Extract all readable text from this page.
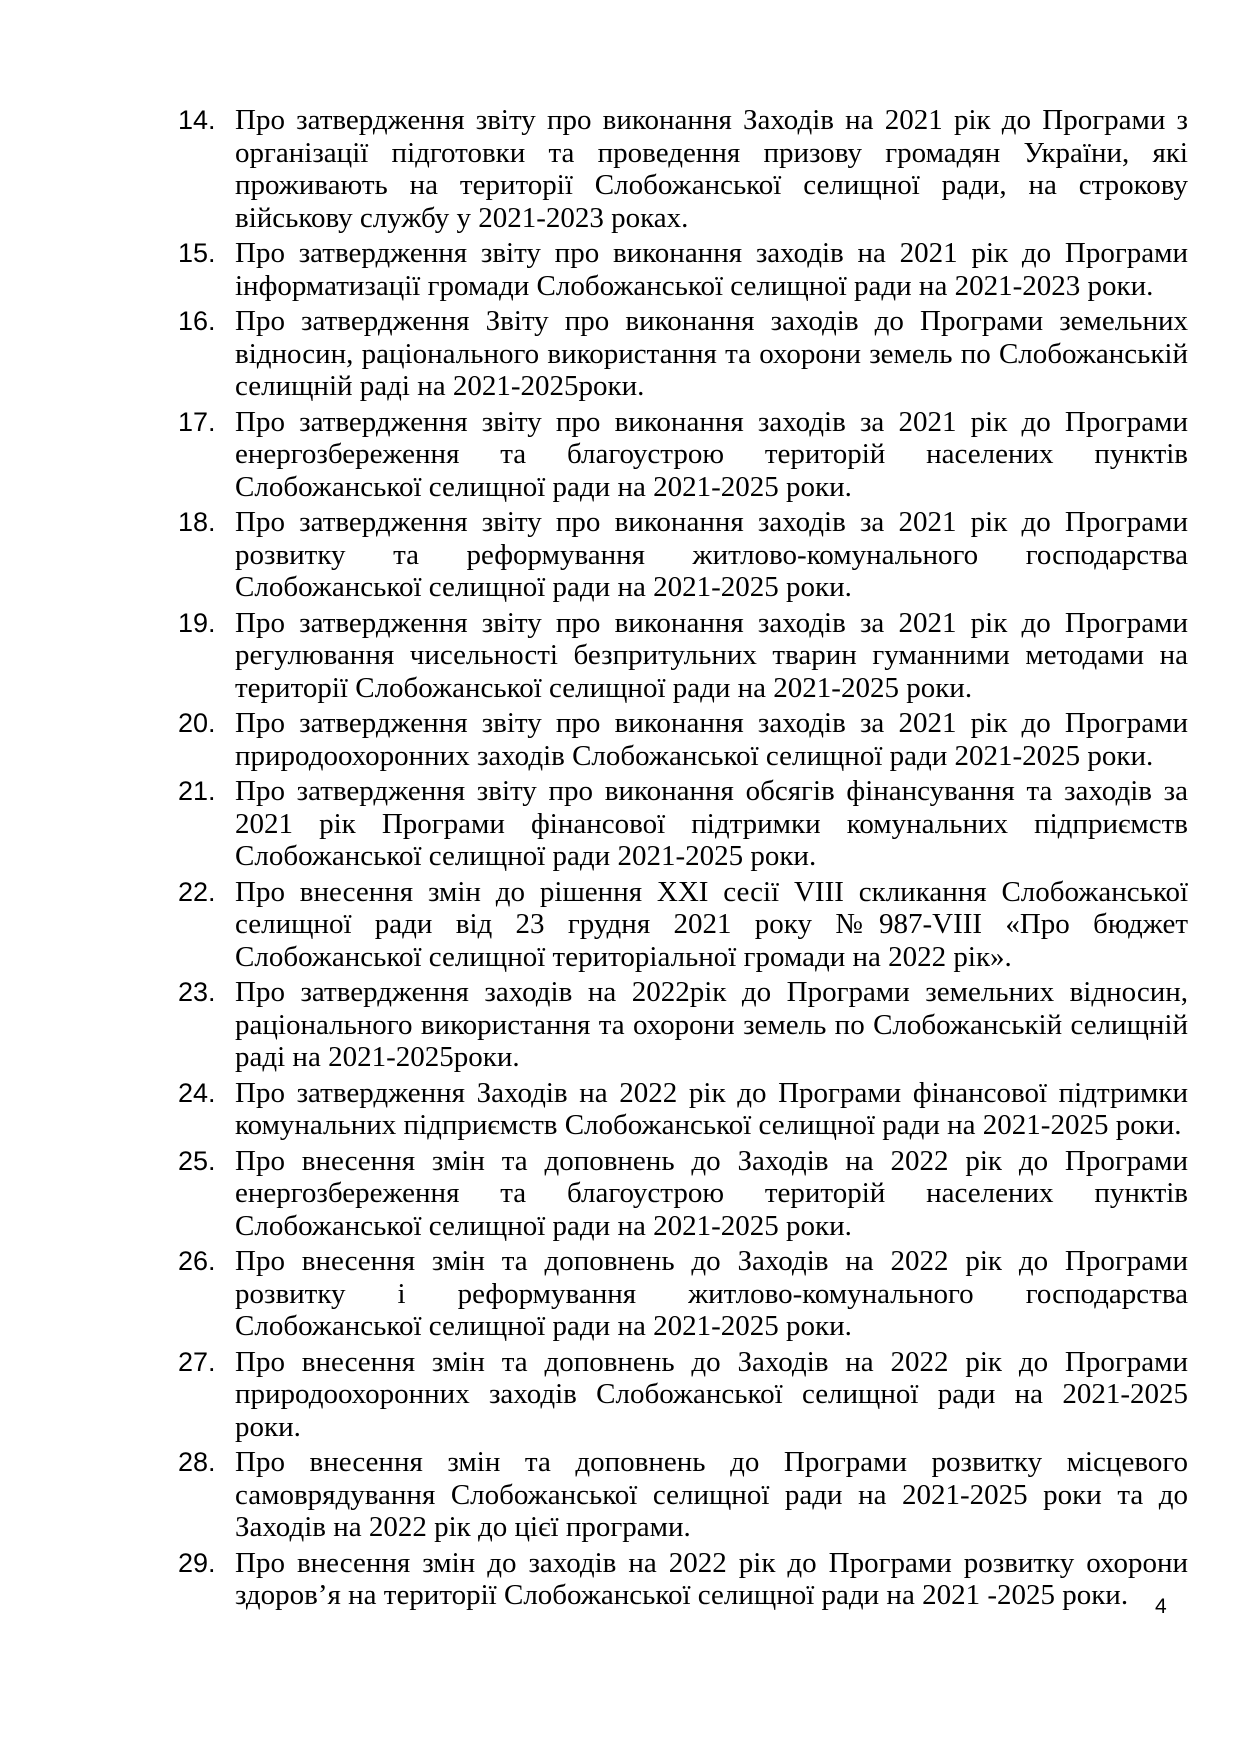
14. Про затвердження звіту про виконання Заходів на 2021 рік до Програми з організації підготовки та проведення призову громадян України, які проживають на території Слобожанської селищної ради, на строкову військову службу у 2021-2023 роках.
15. Про затвердження звіту про виконання заходів на 2021 рік до Програми інформатизації громади Слобожанської селищної ради на 2021-2023 роки.
16. Про затвердження Звіту про виконання заходів до Програми земельних відносин, раціонального використання та охорони земель по Слобожанській селищній раді на 2021-2025роки.
17. Про затвердження звіту про виконання заходів за 2021 рік до Програми енергозбереження та благоустрою територій населених пунктів Слобожанської селищної ради на 2021-2025 роки.
18. Про затвердження звіту про виконання заходів за 2021 рік до Програми розвитку та реформування житлово-комунального господарства Слобожанської селищної ради на 2021-2025 роки.
19. Про затвердження звіту про виконання заходів за 2021 рік до Програми регулювання чисельності безпритульних тварин гуманними методами на території Слобожанської селищної ради на 2021-2025 роки.
20. Про затвердження звіту про виконання заходів за 2021 рік до Програми природоохоронних заходів Слобожанської селищної ради 2021-2025 роки.
21. Про затвердження звіту про виконання обсягів фінансування та заходів за 2021 рік Програми фінансової підтримки комунальних підприємств Слобожанської селищної ради 2021-2025 роки.
22. Про внесення змін до рішення XXI сесії VIII скликання Слобожанської селищної ради від 23 грудня 2021 року №987-VIII «Про бюджет Слобожанської селищної територіальної громади на 2022 рік».
23. Про затвердження заходів на 2022рік до Програми земельних відносин, раціонального використання та охорони земель по Слобожанській селищній раді на 2021-2025роки.
24. Про затвердження Заходів на 2022 рік до Програми фінансової підтримки комунальних підприємств Слобожанської селищної ради на 2021-2025 роки.
25. Про внесення змін та доповнень до Заходів на 2022 рік до Програми енергозбереження та благоустрою територій населених пунктів Слобожанської селищної ради на 2021-2025 роки.
26. Про внесення змін та доповнень до Заходів на 2022 рік до Програми розвитку і реформування житлово-комунального господарства Слобожанської селищної ради на 2021-2025 роки.
27. Про внесення змін та доповнень до Заходів на 2022 рік до Програми природоохоронних заходів Слобожанської селищної ради на 2021-2025 роки.
28. Про внесення змін та доповнень до Програми розвитку місцевого самоврядування Слобожанської селищної ради на 2021-2025 роки та до Заходів на 2022 рік до цієї програми.
29. Про внесення змін до заходів на 2022 рік до Програми розвитку охорони здоров’я на території Слобожанської селищної ради на 2021 -2025 роки.	4
